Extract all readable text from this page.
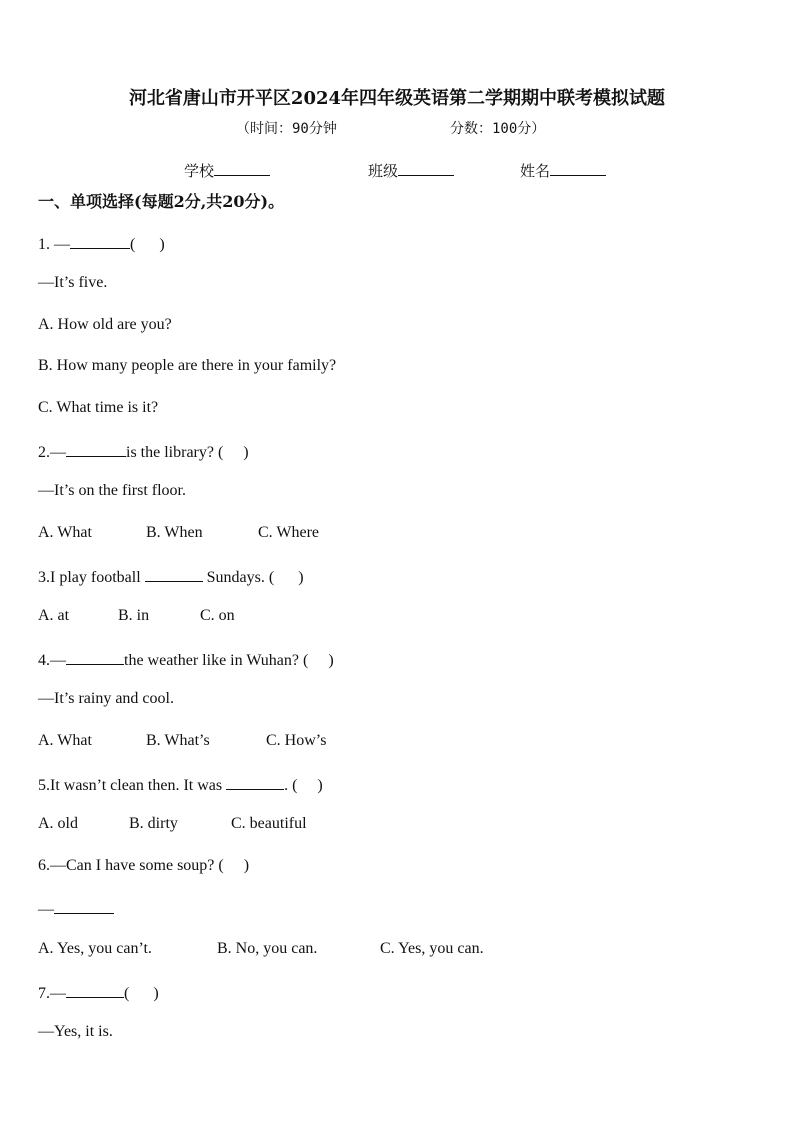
河北省唐山市开平区2024年四年级英语第二学期期中联考模拟试题
（时间：90分钟	分数：100分）
学校	班级	姓名
一、单项选择(每题2分,共20分)。
1. —	(      )
—It’s five.
A. How old are you?
B. How many people are there in your family?
C. What time is it?
2.—	is the library? (     )
—It’s on the first floor.
A. What	B. When	C. Where
3.I play football	Sundays. (      )
A. at	B. in	C. on
4.—	the weather like in Wuhan? (     )
—It’s rainy and cool.
A. What	B. What’s	C. How’s
5.It wasn’t clean then. It was	. (     )
A. old	B. dirty	C. beautiful
6.—Can I have some soup? (     )
—
A. Yes, you can’t.	B. No, you can.	C. Yes, you can.
7.—	(      )
—Yes, it is.
